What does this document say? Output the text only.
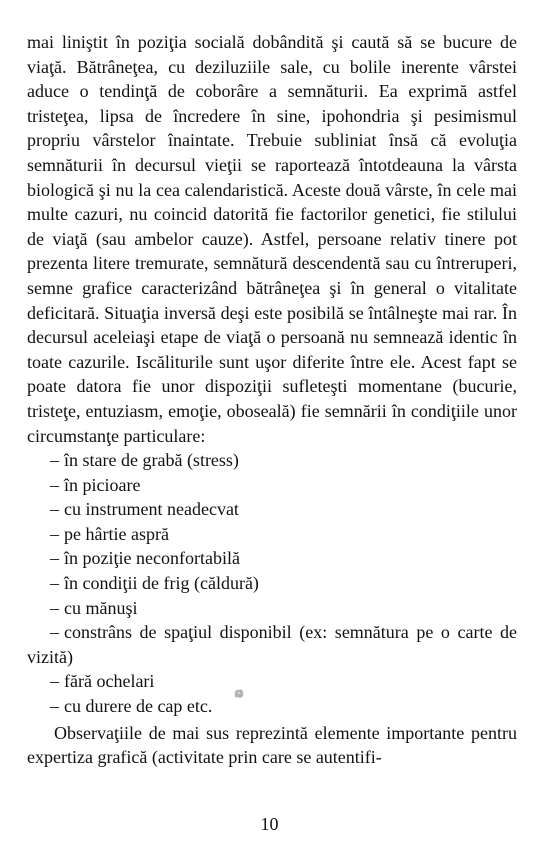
mai liniştit în poziţia socială dobândită şi caută să se bucure de viaţă. Bătrâneţea, cu deziluziile sale, cu bolile inerente vârstei aduce o tendinţă de coborâre a semnăturii. Ea exprimă astfel tristeţea, lipsa de încredere în sine, ipohondria şi pesimismul propriu vârstelor înaintate. Trebuie subliniat însă că evoluţia semnăturii în decursul vieţii se raportează întotdeauna la vârsta biologică şi nu la cea calendaristică. Aceste două vârste, în cele mai multe cazuri, nu coincid datorită fie factorilor genetici, fie stilului de viaţă (sau ambelor cauze). Astfel, persoane relativ tinere pot prezenta litere tremurate, semnătură descendentă sau cu întreruperi, semne grafice caracterizând bătrâneţea şi în general o vitalitate deficitară. Situaţia inversă deşi este posibilă se întâlneşte mai rar. În decursul aceleiaşi etape de viaţă o persoană nu semnează identic în toate cazurile. Iscăliturile sunt uşor diferite între ele. Acest fapt se poate datora fie unor dispoziţii sufleteşti momentane (bucurie, tristeţe, entuziasm, emoţie, oboseală) fie semnării în condiţiile unor circumstanţe particulare:

– în stare de grabă (stress)
– în picioare
– cu instrument neadecvat
– pe hârtie aspră
– în poziţie neconfortabilă
– în condiţii de frig (căldură)
– cu mănuşi
– constrâns de spaţiul disponibil (ex: semnătura pe o carte de vizită)
– fără ochelari
– cu durere de cap etc.

Observaţiile de mai sus reprezintă elemente importante pentru expertiza grafică (activitate prin care se autentifi-

10
